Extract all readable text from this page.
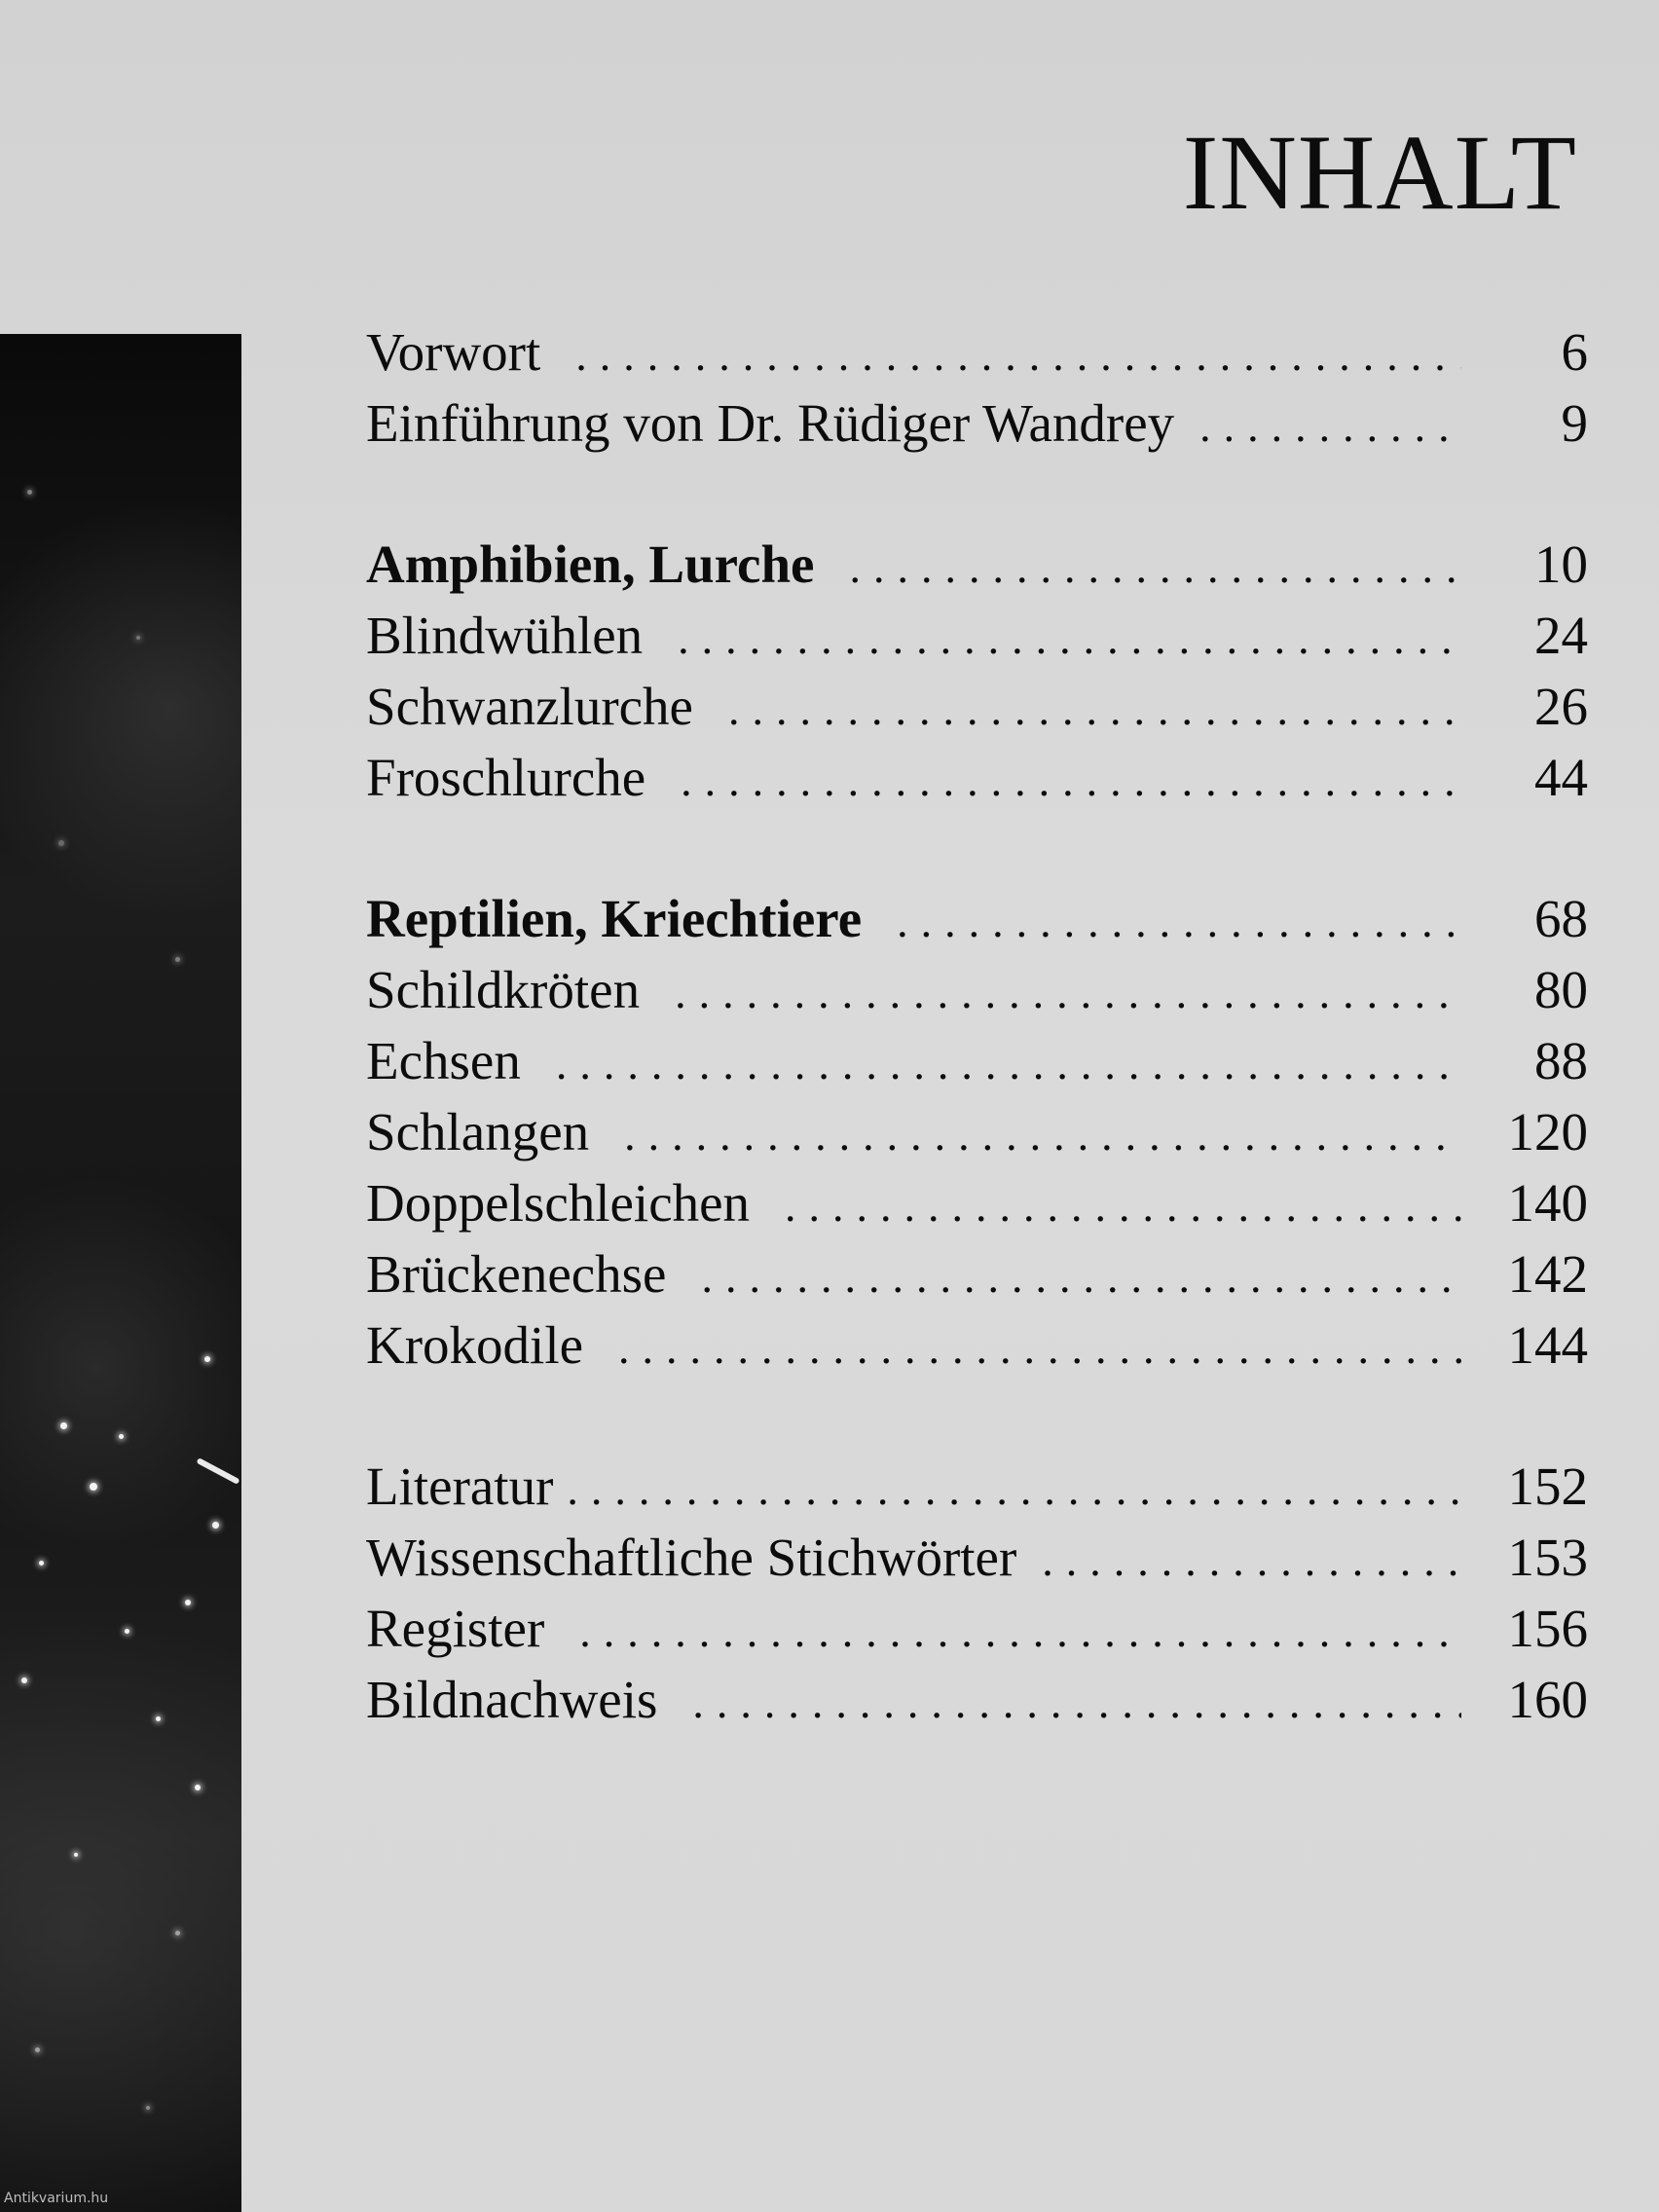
Antikvarium.hu
INHALT
Vorwort .....	6
Einführung von Dr. Rüdiger Wandrey .....	9
Amphibien, Lurche .....	10
Blindwühlen .....	24
Schwanzlurche .....	26
Froschlurche .....	44
Reptilien, Kriechtiere .....	68
Schildkröten .....	80
Echsen .....	88
Schlangen .....	120
Doppelschleichen .....	140
Brückenechse .....	142
Krokodile .....	144
Literatur .....	152
Wissenschaftliche Stichwörter .....	153
Register .....	156
Bildnachweis .....	160
